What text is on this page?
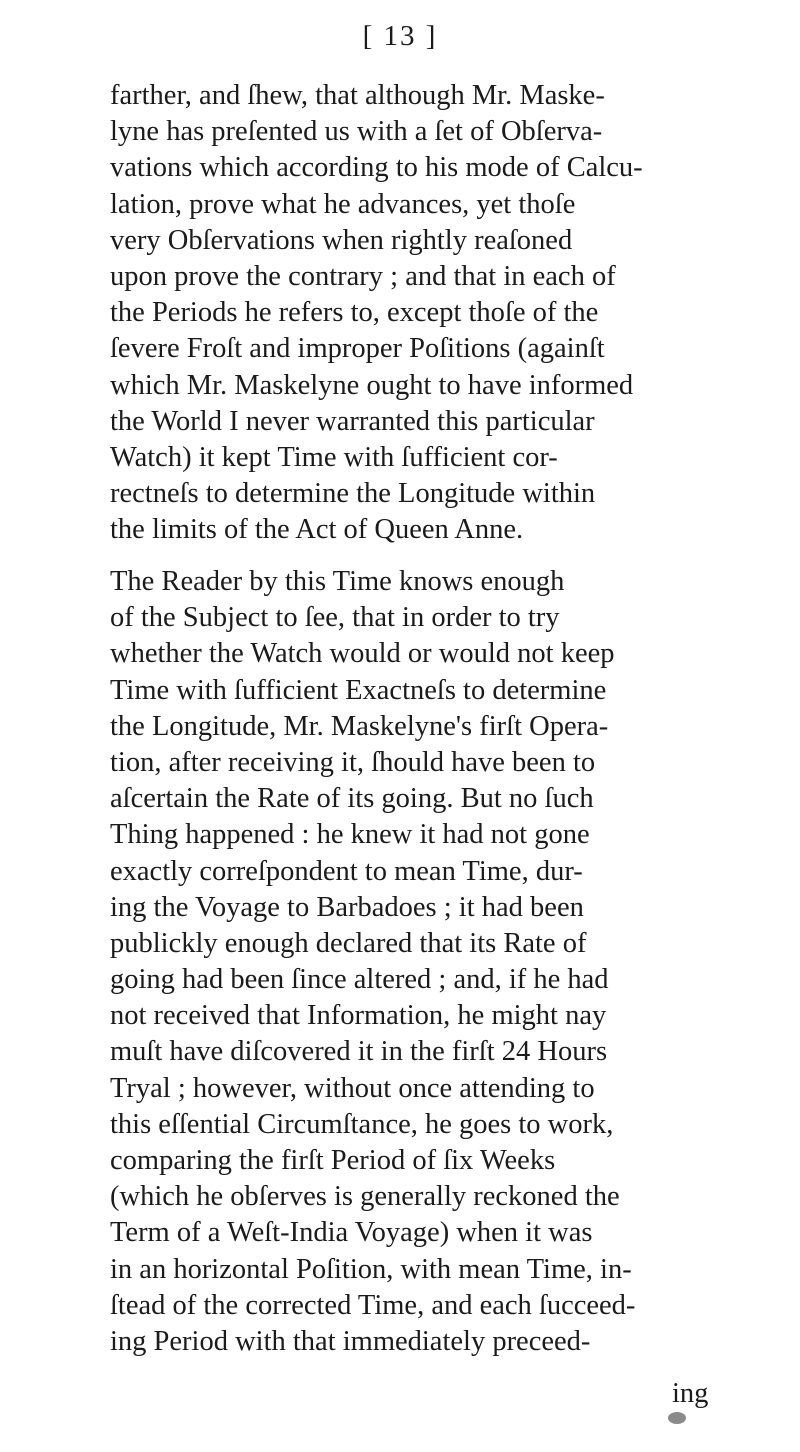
[ 13 ]
farther, and ſhew, that although Mr. Maske-
lyne has preſented us with a ſet of Obſerva-
vations which according to his mode of Calcu-
lation, prove what he advances, yet thoſe
very Obſervations when rightly reaſoned
upon prove the contrary ; and that in each of
the Periods he refers to, except thoſe of the
ſevere Froſt and improper Poſitions (againſt
which Mr. Maskelyne ought to have informed
the World I never warranted this particular
Watch) it kept Time with ſufficient cor-
rectneſs to determine the Longitude within
the limits of the Act of Queen Anne.
The Reader by this Time knows enough
of the Subject to ſee, that in order to try
whether the Watch would or would not keep
Time with ſufficient Exactneſs to determine
the Longitude, Mr. Maskelyne's firſt Opera-
tion, after receiving it, ſhould have been to
aſcertain the Rate of its going. But no ſuch
Thing happened : he knew it had not gone
exactly correſpondent to mean Time, dur-
ing the Voyage to Barbadoes ; it had been
publickly enough declared that its Rate of
going had been ſince altered ; and, if he had
not received that Information, he might nay
muſt have diſcovered it in the firſt 24 Hours
Tryal ; however, without once attending to
this eſſential Circumſtance, he goes to work,
comparing the firſt Period of ſix Weeks
(which he obſerves is generally reckoned the
Term of a Weſt-India Voyage) when it was
in an horizontal Poſition, with mean Time, in-
ſtead of the corrected Time, and each ſucceed-
ing Period with that immediately preceed-
ing
